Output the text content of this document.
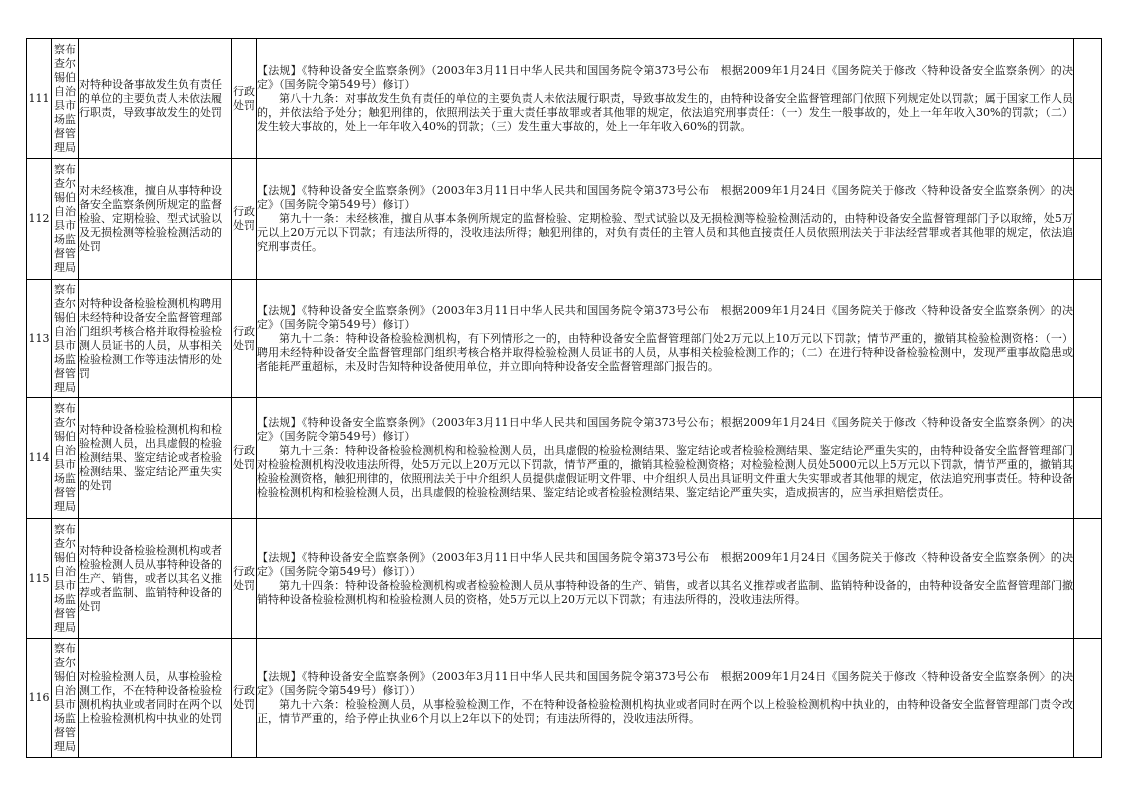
111	察布查尔锡伯自治县市场监督管理局	对特种设备事故发生负有责任的单位的主要负责人未依法履行职责，导致事故发生的处罚	行政处罚	【法规】《特种设备安全监察条例》（2003年3月11日中华人民共和国国务院令第373号公布　根据2009年1月24日《国务院关于修改〈特种设备安全监察条例〉的决定》（国务院令第549号）修订）

第八十九条：对事故发生负有责任的单位的主要负责人未依法履行职责，导致事故发生的，由特种设备安全监督管理部门依照下列规定处以罚款；属于国家工作人员的，并依法给予处分；触犯刑律的，依照刑法关于重大责任事故罪或者其他罪的规定，依法追究刑事责任：（一）发生一般事故的，处上一年年收入30%的罚款；（二）发生较大事故的，处上一年年收入40%的罚款；（三）发生重大事故的，处上一年年收入60%的罚款。	

112	察布查尔锡伯自治县市场监督管理局	对未经核准，擅自从事特种设备安全监察条例所规定的监督检验、定期检验、型式试验以及无损检测等检验检测活动的处罚	行政处罚	【法规】《特种设备安全监察条例》（2003年3月11日中华人民共和国国务院令第373号公布　根据2009年1月24日《国务院关于修改〈特种设备安全监察条例〉的决定》（国务院令第549号）修订）

第九十一条：未经核准，擅自从事本条例所规定的监督检验、定期检验、型式试验以及无损检测等检验检测活动的，由特种设备安全监督管理部门予以取缔，处5万元以上20万元以下罚款；有违法所得的，没收违法所得；触犯刑律的，对负有责任的主管人员和其他直接责任人员依照刑法关于非法经营罪或者其他罪的规定，依法追究刑事责任。	

113	察布查尔锡伯自治县市场监督管理局	对特种设备检验检测机构聘用未经特种设备安全监督管理部门组织考核合格并取得检验检测人员证书的人员，从事相关检验检测工作等违法情形的处罚	行政处罚	【法规】《特种设备安全监察条例》（2003年3月11日中华人民共和国国务院令第373号公布　根据2009年1月24日《国务院关于修改〈特种设备安全监察条例〉的决定》（国务院令第549号）修订）

第九十二条：特种设备检验检测机构，有下列情形之一的，由特种设备安全监督管理部门处2万元以上10万元以下罚款；情节严重的，撤销其检验检测资格：（一）聘用未经特种设备安全监督管理部门组织考核合格并取得检验检测人员证书的人员，从事相关检验检测工作的；（二）在进行特种设备检验检测中，发现严重事故隐患或者能耗严重超标，未及时告知特种设备使用单位，并立即向特种设备安全监督管理部门报告的。	

114	察布查尔锡伯自治县市场监督管理局	对特种设备检验检测机构和检验检测人员，出具虚假的检验检测结果、鉴定结论或者检验检测结果、鉴定结论严重失实的处罚	行政处罚	【法规】《特种设备安全监察条例》（2003年3月11日中华人民共和国国务院令第373号公布；根据2009年1月24日《国务院关于修改〈特种设备安全监察条例〉的决定》（国务院令第549号）修订）

第九十三条：特种设备检验检测机构和检验检测人员，出具虚假的检验检测结果、鉴定结论或者检验检测结果、鉴定结论严重失实的，由特种设备安全监督管理部门对检验检测机构没收违法所得，处5万元以上20万元以下罚款，情节严重的，撤销其检验检测资格；对检验检测人员处5000元以上5万元以下罚款，情节严重的，撤销其检验检测资格，触犯刑律的，依照刑法关于中介组织人员提供虚假证明文件罪、中介组织人员出具证明文件重大失实罪或者其他罪的规定，依法追究刑事责任。特种设备检验检测机构和检验检测人员，出具虚假的检验检测结果、鉴定结论或者检验检测结果、鉴定结论严重失实，造成损害的，应当承担赔偿责任。	

115	察布查尔锡伯自治县市场监督管理局	对特种设备检验检测机构或者检验检测人员从事特种设备的生产、销售，或者以其名义推荐或者监制、监销特种设备的处罚	行政处罚	【法规】《特种设备安全监察条例》（2003年3月11日中华人民共和国国务院令第373号公布　根据2009年1月24日《国务院关于修改〈特种设备安全监察条例〉的决定》（国务院令第549号）修订））

第九十四条：特种设备检验检测机构或者检验检测人员从事特种设备的生产、销售，或者以其名义推荐或者监制、监销特种设备的，由特种设备安全监督管理部门撤销特种设备检验检测机构和检验检测人员的资格，处5万元以上20万元以下罚款；有违法所得的，没收违法所得。	

116	察布查尔锡伯自治县市场监督管理局	对检验检测人员，从事检验检测工作，不在特种设备检验检测机构执业或者同时在两个以上检验检测机构中执业的处罚	行政处罚	【法规】《特种设备安全监察条例》（2003年3月11日中华人民共和国国务院令第373号公布　根据2009年1月24日《国务院关于修改〈特种设备安全监察条例〉的决定》（国务院令第549号）修订））

第九十六条：检验检测人员，从事检验检测工作，不在特种设备检验检测机构执业或者同时在两个以上检验检测机构中执业的，由特种设备安全监督管理部门责令改正，情节严重的，给予停止执业6个月以上2年以下的处罚；有违法所得的，没收违法所得。	
